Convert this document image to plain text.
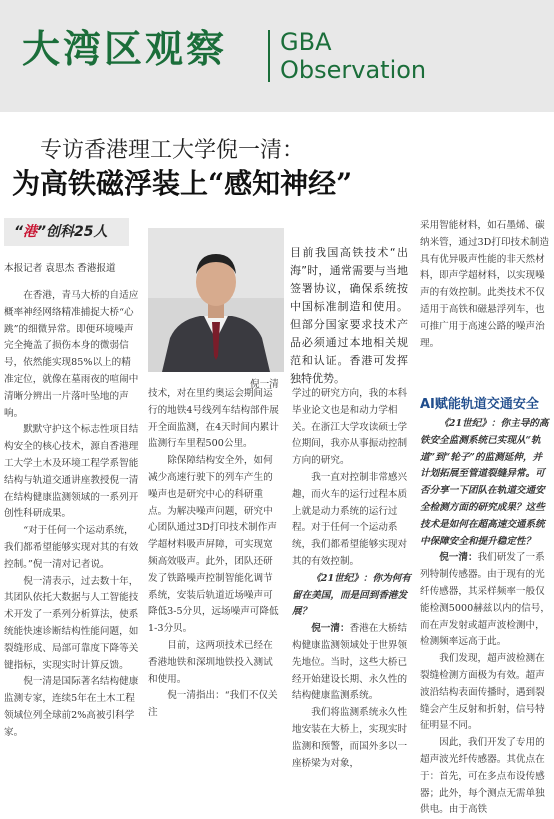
大湾区观察 GBA
Observation
专访香港理工大学倪一清：
为高铁磁浮装上“感知神经”
“港”创科25人
本报记者 袁思杰 香港报道

在香港，青马大桥的自适应概率神经网络精准捕捉大桥“心跳”的细微异常。即便环境噪声完全掩盖了损伤本身的微弱信号，依然能实现85%以上的精准定位，就像在墓雨夜的喧闹中清晰分辨出一片落叶坠地的声响。

默默守护这个标志性项目结构安全的核心技术，源自香港理工大学土木及环境工程学系智能结构与轨道交通讲座教授倪一清在结构健康监测领域的一系列开创性科研成果。

“对于任何一个运动系统，我们都希望能够实现对其的有效控制。”倪一清对记者说。

倪一清表示，过去数十年，其团队依托大数据与人工智能技术开发了一系列分析算法，使系统能快速诊断结构性能问题，如裂缝形成、局部可靠度下降等关键指标，实现实时计算反馈。

倪一清是国际著名结构健康监测专家，连续5年在土木工程领域位列全球前2%高被引科学家。

倪一清
目前我国高铁技术“出海”时，通常需要与当地签署协议，确保系统按中国标准制造和使用。但部分国家要求技术产品必须通过本地相关规范和认证。香港可发挥独特优势。

技术，对在里约奥运会期间运行的地铁4号线列车结构部件展开全面监测，在4天时间内累计监测行车里程500公里。

除保障结构安全外，如何减少高速行驶下的列车产生的噪声也是研究中心的科研重点。为解决噪声问题，研究中心团队通过3D打印技术制作声学超材料吸声屏障，可实现宽频高效吸声。此外，团队还研发了铁路噪声控制智能化调节系统，安装后轨道近场噪声可降低3-5分贝，远场噪声可降低1-3分贝。

目前，这两项技术已经在香港地铁和深圳地铁投入测试和使用。

倪一清指出：“我们不仅关注

学过的研究方向，我的本科毕业论文也是和动力学相关。在浙江大学攻读硕士学位期间，我亦从事振动控制方向的研究。

我一直对控制非常感兴趣，而火车的运行过程本质上就是动力系统的运行过程。对于任何一个运动系统，我们都希望能够实现对其的有效控制。

《21世纪》：你为何有留在美国，而是回到香港发展？

倪一清：香港在大桥结构健康监测领域处于世界领先地位。当时，这些大桥已经开始建设长期、永久性的结构健康监测系统。

我们将监测系统永久性地安装在大桥上，实现实时监测和预警，而国外多以一座桥梁为对象，

采用智能材料，如石墨烯、碳纳米管，通过3D打印技术制造具有优异吸声性能的非天然材料，即声学超材料，以实现噪声的有效控制。此类技术不仅适用于高铁和磁悬浮列车，也可推广用于高速公路的噪声治理。

AI赋能轨道交通安全

《21世纪》：你主导的高铁安全监测系统已实现从“轨道”到“轮子”的监测延伸，并计划拓展至管道裂缝异常。可否分享一下团队在轨道交通安全检测方面的研究成果？这些技术是如何在超高速交通系统中保障安全和提升稳定性？

倪一清：我们研发了一系列特制传感器。由于现有的光纤传感器，其采样频率一般仅能检测5000赫兹以内的信号，而在声发射或超声波检测中，检测频率远高于此。

我们发现，超声波检测在裂缝检测方面极为有效。超声波沿结构表面传播时，遇到裂缝会产生反射和折射，信号特征明显不同。

因此，我们开发了专用的超声波光纤传感器。其优点在于：首先，可在多点布设传感器；此外，每个测点无需单独供电。由于高铁
